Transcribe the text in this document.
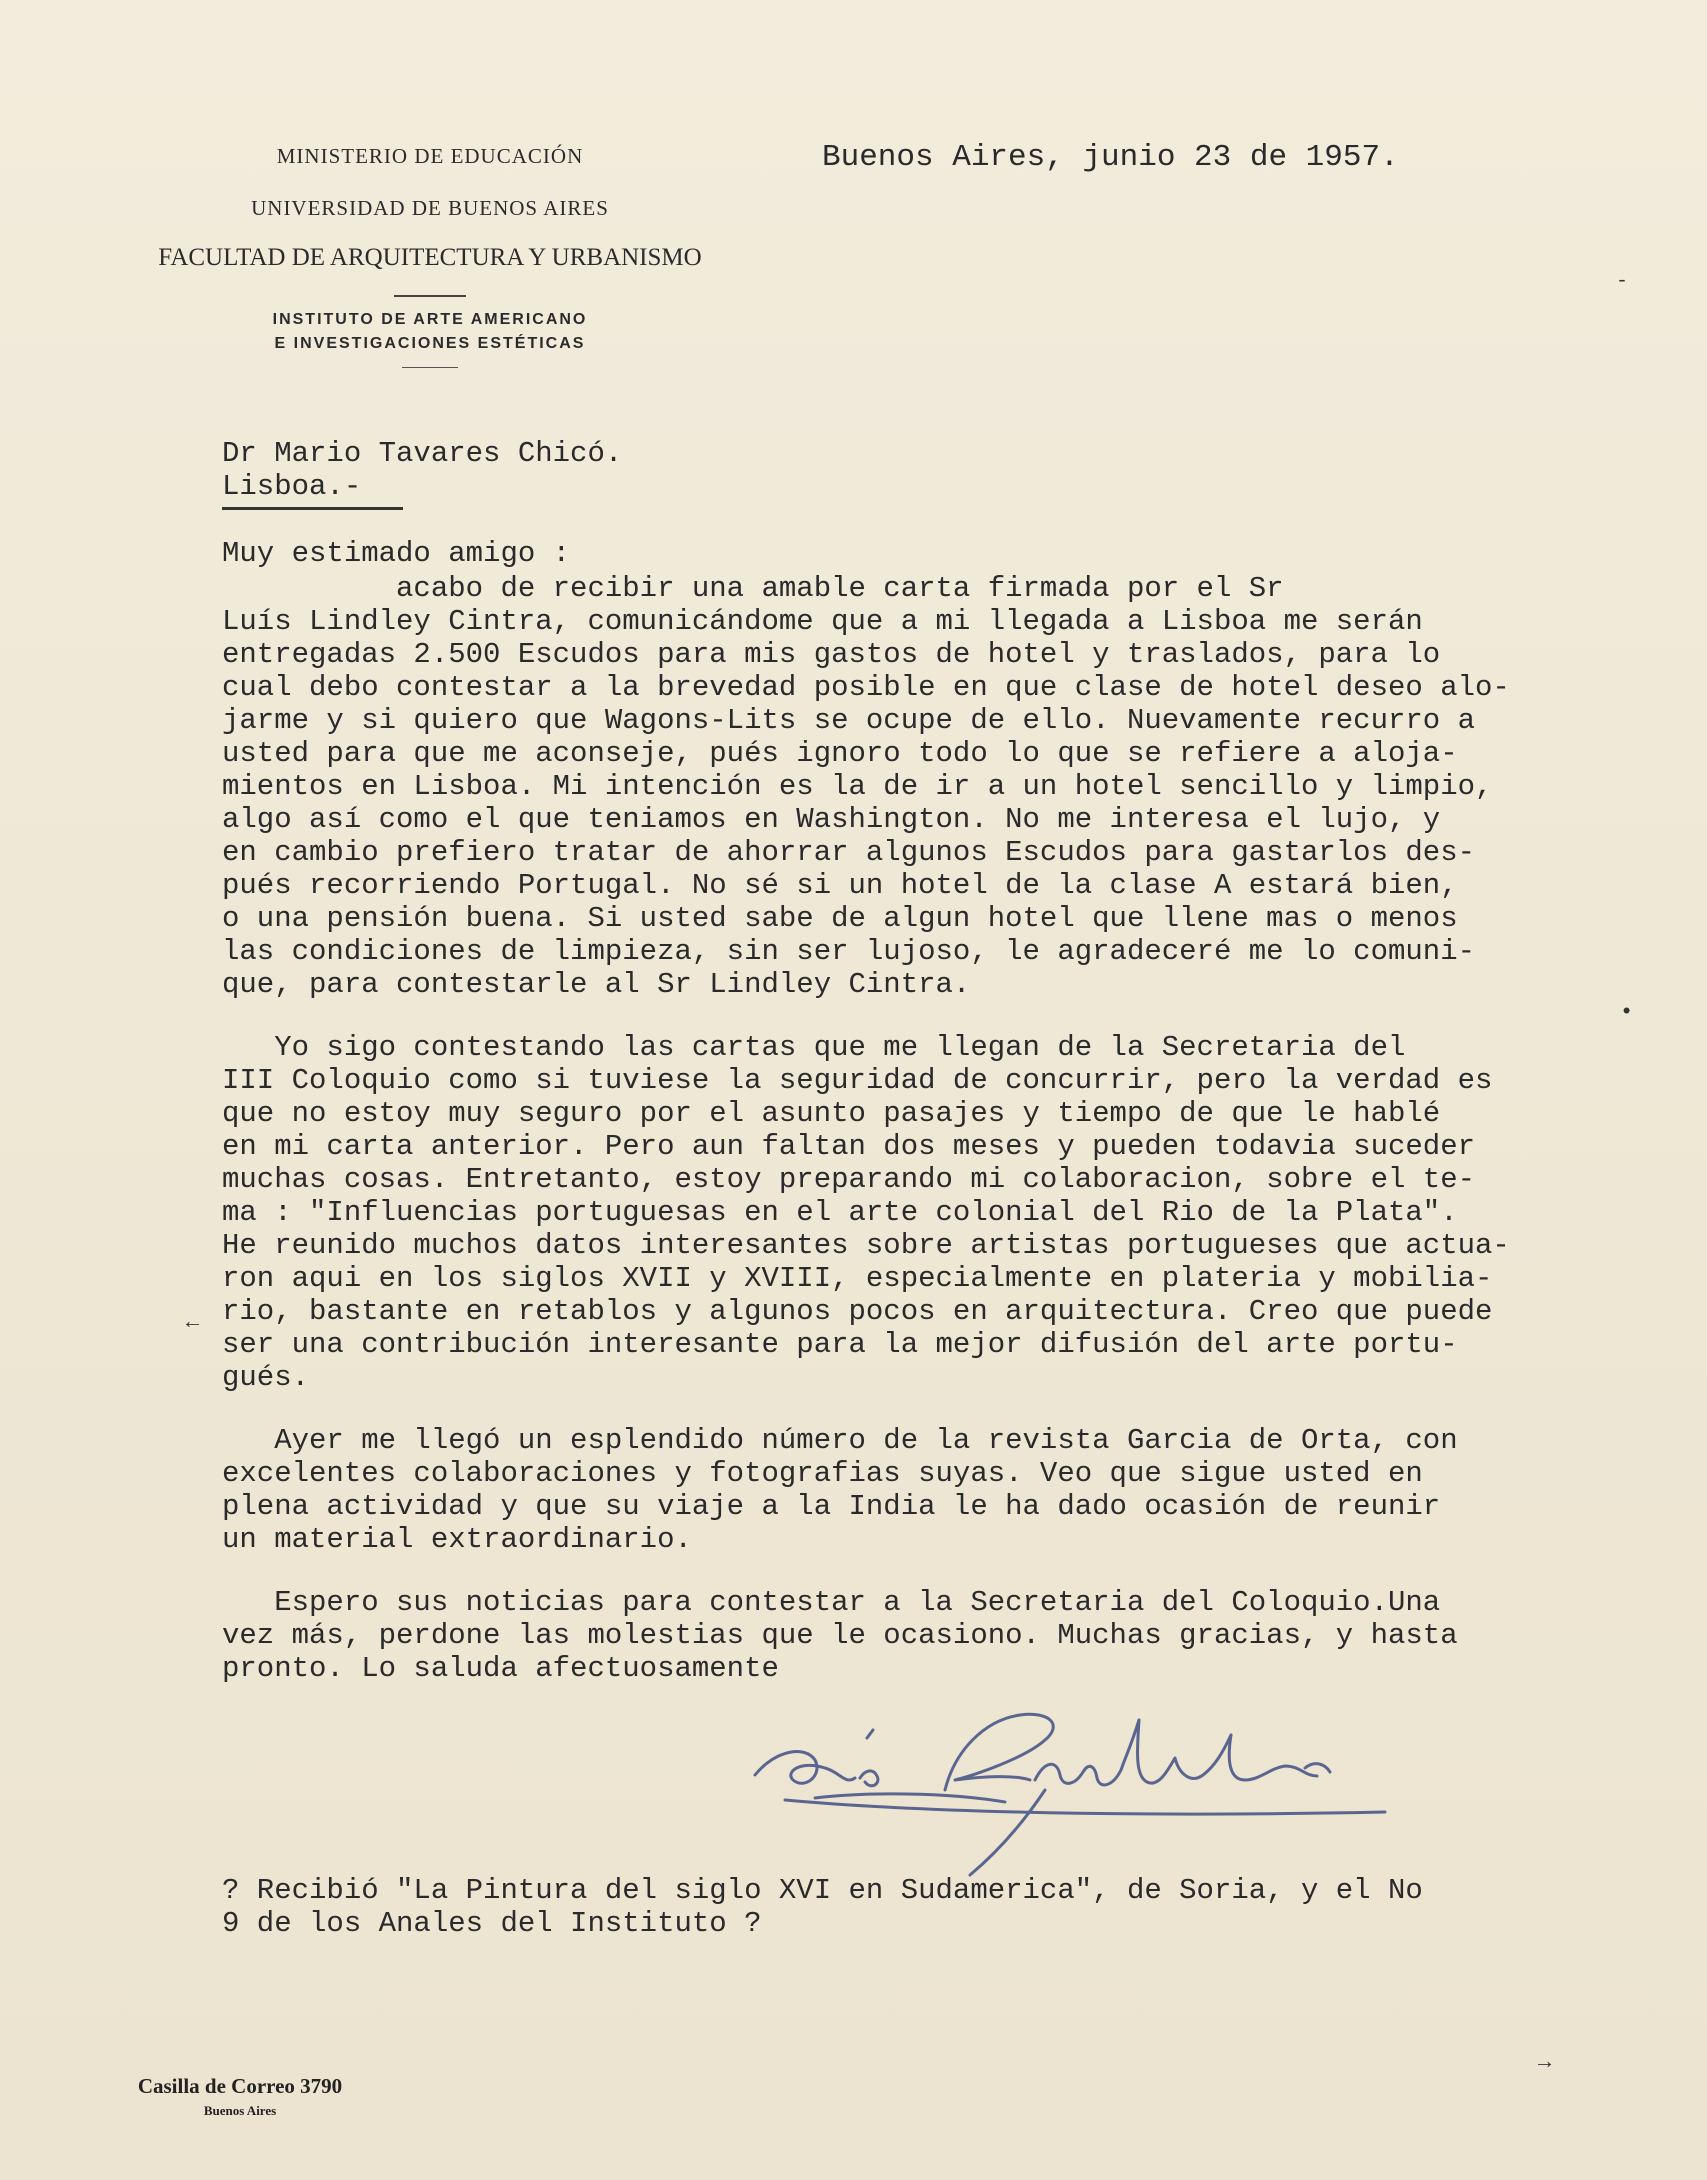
MINISTERIO DE EDUCACIÓN
UNIVERSIDAD DE BUENOS AIRES
FACULTAD DE ARQUITECTURA Y URBANISMO
INSTITUTO DE ARTE AMERICANO
E INVESTIGACIONES ESTÉTICAS
Buenos Aires, junio 23 de 1957.
Dr Mario Tavares Chicó.
Lisboa.-
Muy estimado amigo :
acabo de recibir una amable carta firmada por el Sr
Luís Lindley Cintra, comunicándome que a mi llegada a Lisboa me serán
entregadas 2.500 Escudos para mis gastos de hotel y traslados, para lo
cual debo contestar a la brevedad posible en que clase de hotel deseo alo-
jarme y si quiero que Wagons-Lits se ocupe de ello. Nuevamente recurro a
usted para que me aconseje, pués ignoro todo lo que se refiere a aloja-
mientos en Lisboa. Mi intención es la de ir a un hotel sencillo y limpio,
algo así como el que teniamos en Washington. No me interesa el lujo, y
en cambio prefiero tratar de ahorrar algunos Escudos para gastarlos des-
pués recorriendo Portugal. No sé si un hotel de la clase A estará bien,
o una pensión buena. Si usted sabe de algun hotel que llene mas o menos
las condiciones de limpieza, sin ser lujoso, le agradeceré me lo comuni-
que, para contestarle al Sr Lindley Cintra.
Yo sigo contestando las cartas que me llegan de la Secretaria del
III Coloquio como si tuviese la seguridad de concurrir, pero la verdad es
que no estoy muy seguro por el asunto pasajes y tiempo de que le hablé
en mi carta anterior. Pero aun faltan dos meses y pueden todavia suceder
muchas cosas. Entretanto, estoy preparando mi colaboracion, sobre el te-
ma : "Influencias portuguesas en el arte colonial del Rio de la Plata".
He reunido muchos datos interesantes sobre artistas portugueses que actua-
ron aqui en los siglos XVII y XVIII, especialmente en plateria y mobilia-
rio, bastante en retablos y algunos pocos en arquitectura. Creo que puede
ser una contribución interesante para la mejor difusión del arte portu-
gués.
Ayer me llegó un esplendido número de la revista Garcia de Orta, con
excelentes colaboraciones y fotografias suyas. Veo que sigue usted en
plena actividad y que su viaje a la India le ha dado ocasión de reunir
un material extraordinario.
Espero sus noticias para contestar a la Secretaria del Coloquio.Una
vez más, perdone las molestias que le ocasiono. Muchas gracias, y hasta
pronto. Lo saluda afectuosamente
? Recibió "La Pintura del siglo XVI en Sudamerica", de Soria, y el No
9 de los Anales del Instituto ?
Casilla de Correo 3790
Buenos Aires
‑
•
←
→
